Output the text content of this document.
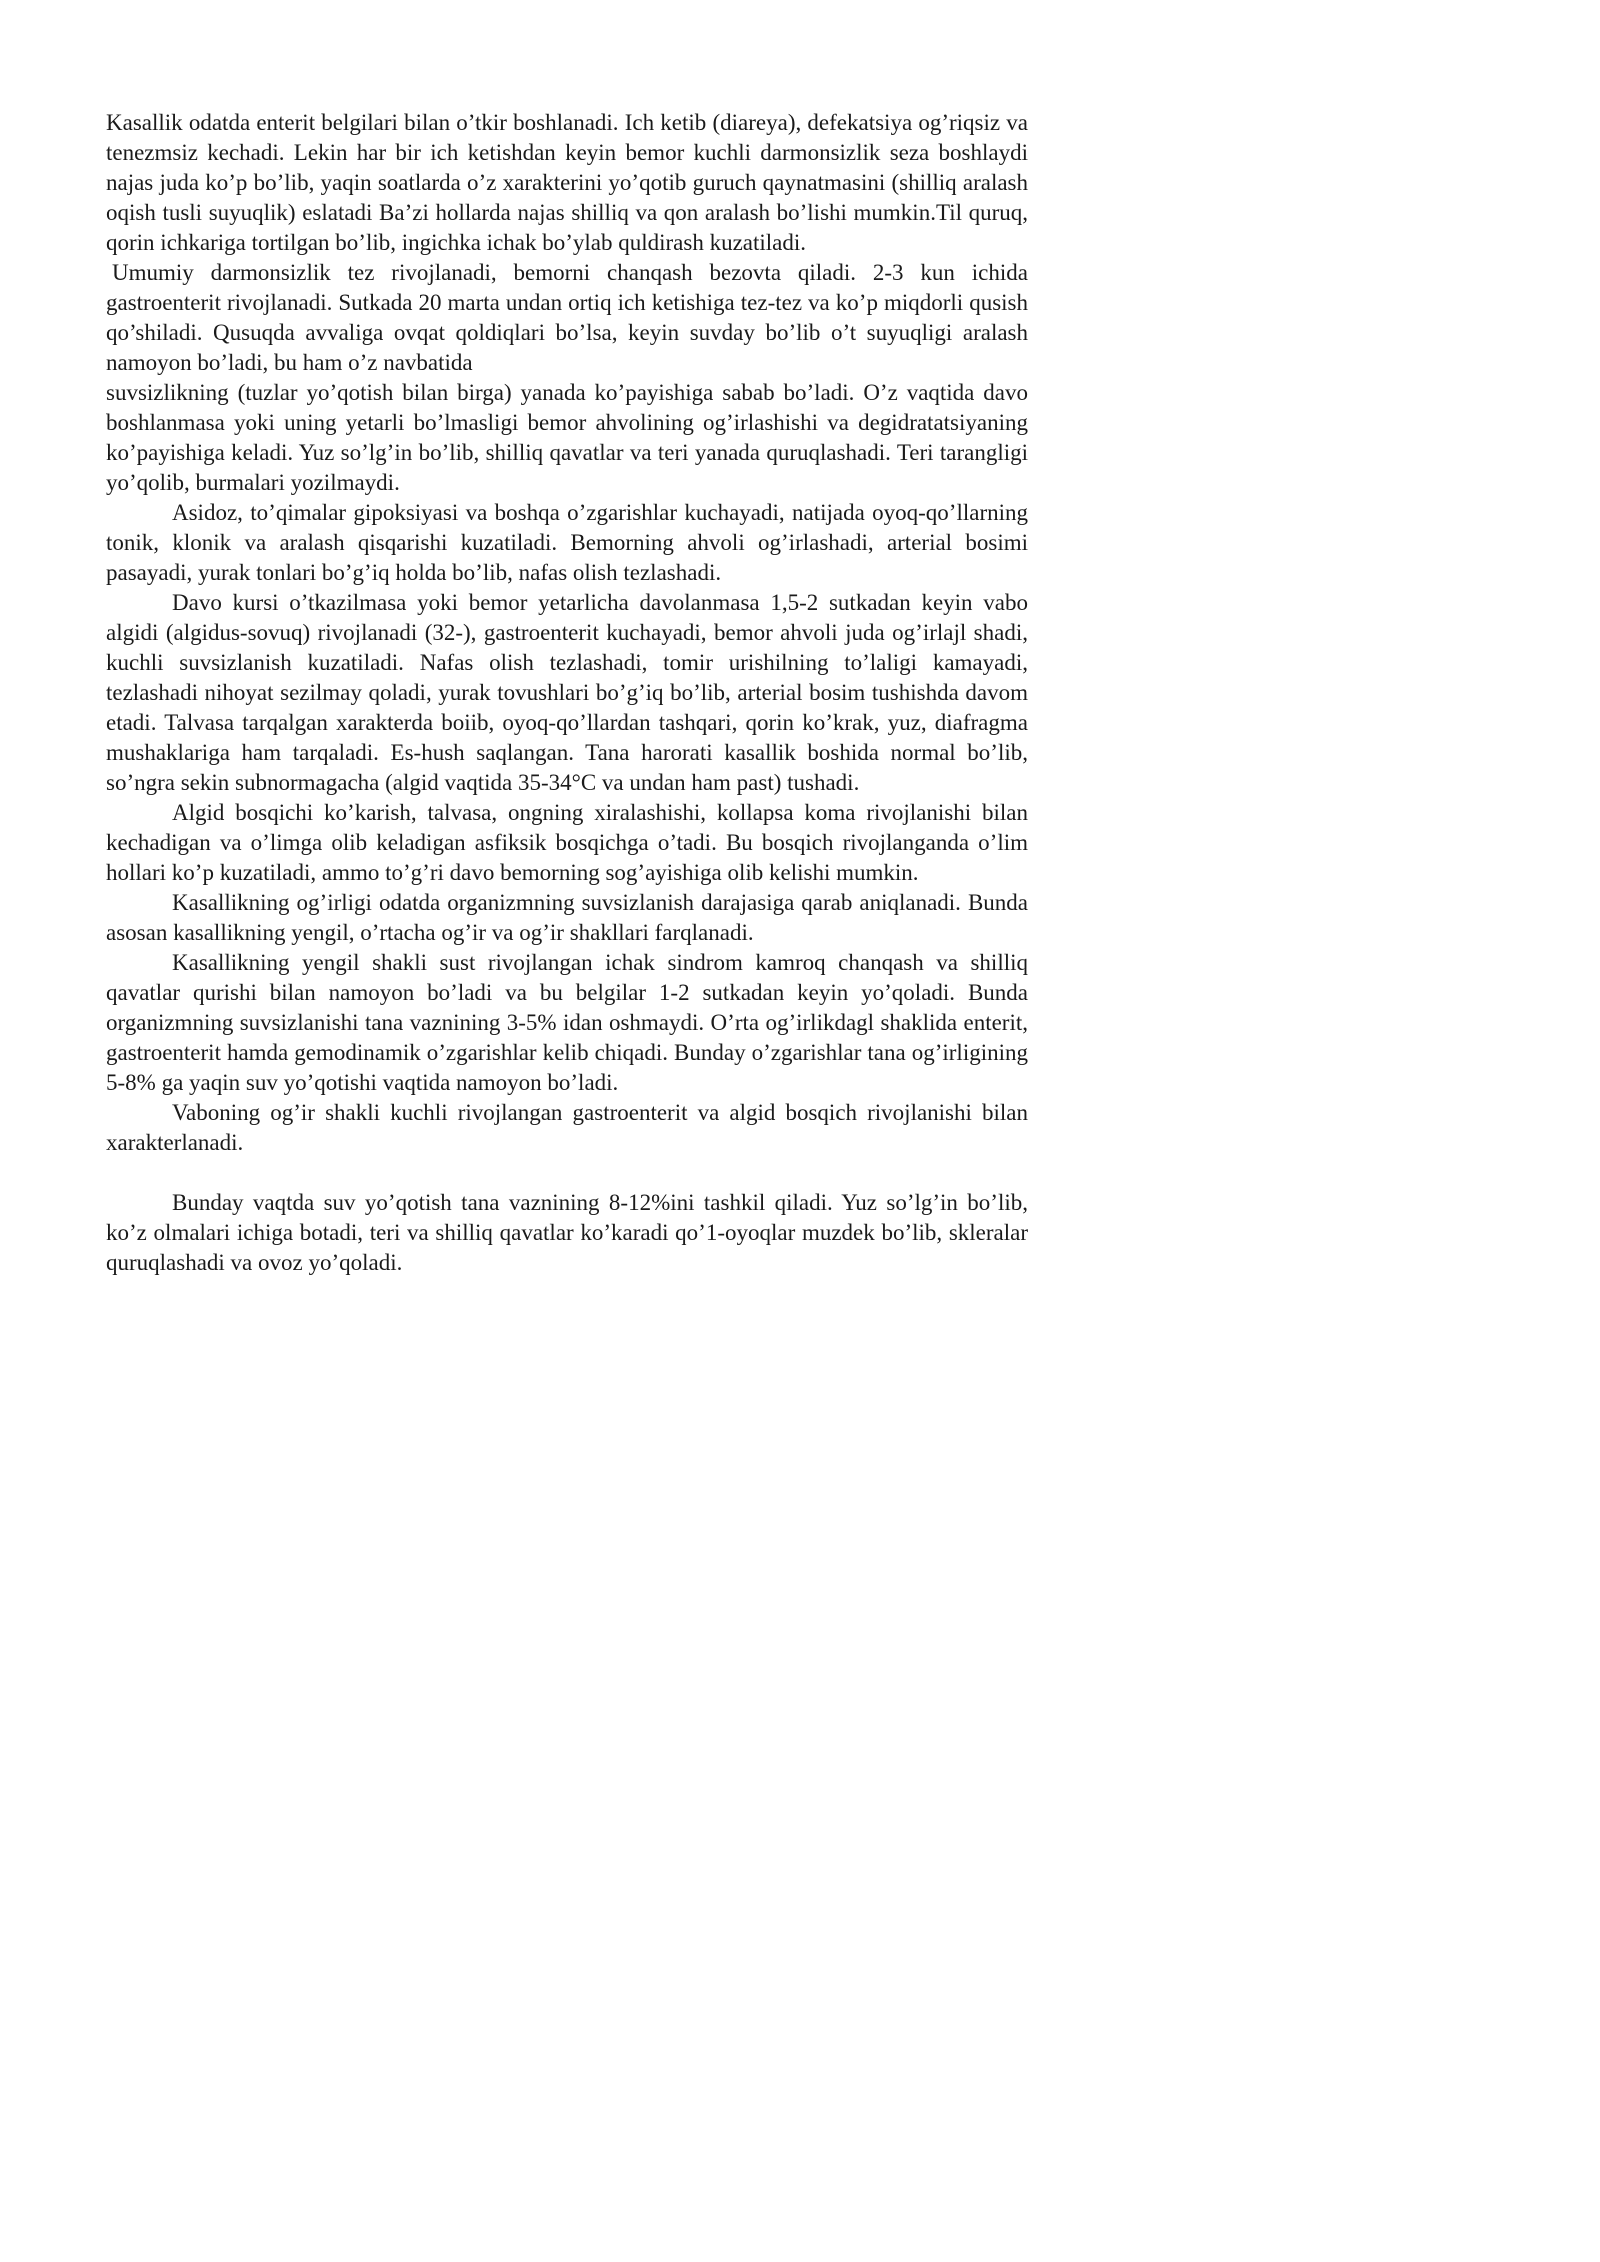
Kasallik odatda enterit belgilari bilan o’tkir boshlanadi. Ich ketib (diareya), defekatsiya og’riqsiz va tenezmsiz kechadi. Lekin har bir ich ketishdan keyin bemor kuchli darmonsizlik seza boshlaydi najas juda ko’p bo’lib, yaqin soatlarda o’z xarakterini yo’qotib guruch qaynatmasini (shilliq aralash oqish tusli suyuqlik) eslatadi Ba’zi hollarda najas shilliq va qon aralash bo’lishi mumkin.Til quruq, qorin ichkariga tortilgan bo’lib, ingichka ichak bo’ylab quldirash kuzatiladi.

Umumiy darmonsizlik tez rivojlanadi, bemorni chanqash bezovta qiladi. 2-3 kun ichida gastroenterit rivojlanadi. Sutkada 20 marta undan ortiq ich ketishiga tez-tez va ko’p miqdorli qusish qo’shiladi. Qusuqda avvaliga ovqat qoldiqlari bo’lsa, keyin suvday bo’lib o’t suyuqligi aralash namoyon bo’ladi, bu ham o’z navbatida

suvsizlikning (tuzlar yo’qotish bilan birga) yanada ko’payishiga sabab bo’ladi. O’z vaqtida davo boshlanmasa yoki uning yetarli bo’lmasligi bemor ahvolining og’irlashishi va degidratatsiyaning ko’payishiga keladi. Yuz so’lg’in bo’lib, shilliq qavatlar va teri yanada quruqlashadi. Teri tarangligi yo’qolib, burmalari yozilmaydi.

Asidoz, to’qimalar gipoksiyasi va boshqa o’zgarishlar kuchayadi, natijada oyoq-qo’llarning tonik, klonik va aralash qisqarishi kuzatiladi. Bemorning ahvoli og’irlashadi, arterial bosimi pasayadi, yurak tonlari bo’g’iq holda bo’lib, nafas olish tezlashadi.

Davo kursi o’tkazilmasa yoki bemor yetarlicha davolanmasa 1,5-2 sutkadan keyin vabo algidi (algidus-sovuq) rivojlanadi (32-), gastroenterit kuchayadi, bemor ahvoli juda og’irlajl shadi, kuchli suvsizlanish kuzatiladi. Nafas olish tezlashadi, tomir urishilning to’laligi kamayadi, tezlashadi nihoyat sezilmay qoladi, yurak tovushlari bo’g’iq bo’lib, arterial bosim tushishda davom etadi. Talvasa tarqalgan xarakterda boiib, oyoq-qo’llardan tashqari, qorin ko’krak, yuz, diafragma mushaklariga ham tarqaladi. Es-hush saqlangan. Tana harorati kasallik boshida normal bo’lib, so’ngra sekin subnormagacha (algid vaqtida 35-34°C va undan ham past) tushadi.

Algid bosqichi ko’karish, talvasa, ongning xiralashishi, kollapsa koma rivojlanishi bilan kechadigan va o’limga olib keladigan asfiksik bosqichga o’tadi. Bu bosqich rivojlanganda o’lim hollari ko’p kuzatiladi, ammo to’g’ri davo bemorning sog’ayishiga olib kelishi mumkin.

Kasallikning og’irligi odatda organizmning suvsizlanish darajasiga qarab aniqlanadi. Bunda asosan kasallikning yengil, o’rtacha og’ir va og’ir shakllari farqlanadi.

Kasallikning yengil shakli sust rivojlangan ichak sindrom kamroq chanqash va shilliq qavatlar qurishi bilan namoyon bo’ladi va bu belgilar 1-2 sutkadan keyin yo’qoladi. Bunda organizmning suvsizlanishi tana vaznining 3-5% idan oshmaydi. O’rta og’irlikdagl shaklida enterit, gastroenterit hamda gemodinamik o’zgarishlar kelib chiqadi. Bunday o’zgarishlar tana og’irligining 5-8% ga yaqin suv yo’qotishi vaqtida namoyon bo’ladi.

Vaboning og’ir shakli kuchli rivojlangan gastroenterit va algid bosqich rivojlanishi bilan xarakterlanadi.

Bunday vaqtda suv yo’qotish tana vaznining 8-12%ini tashkil qiladi. Yuz so’lg’in bo’lib, ko’z olmalari ichiga botadi, teri va shilliq qavatlar ko’karadi qo’1-oyoqlar muzdek bo’lib, skleralar quruqlashadi va ovoz yo’qoladi.
